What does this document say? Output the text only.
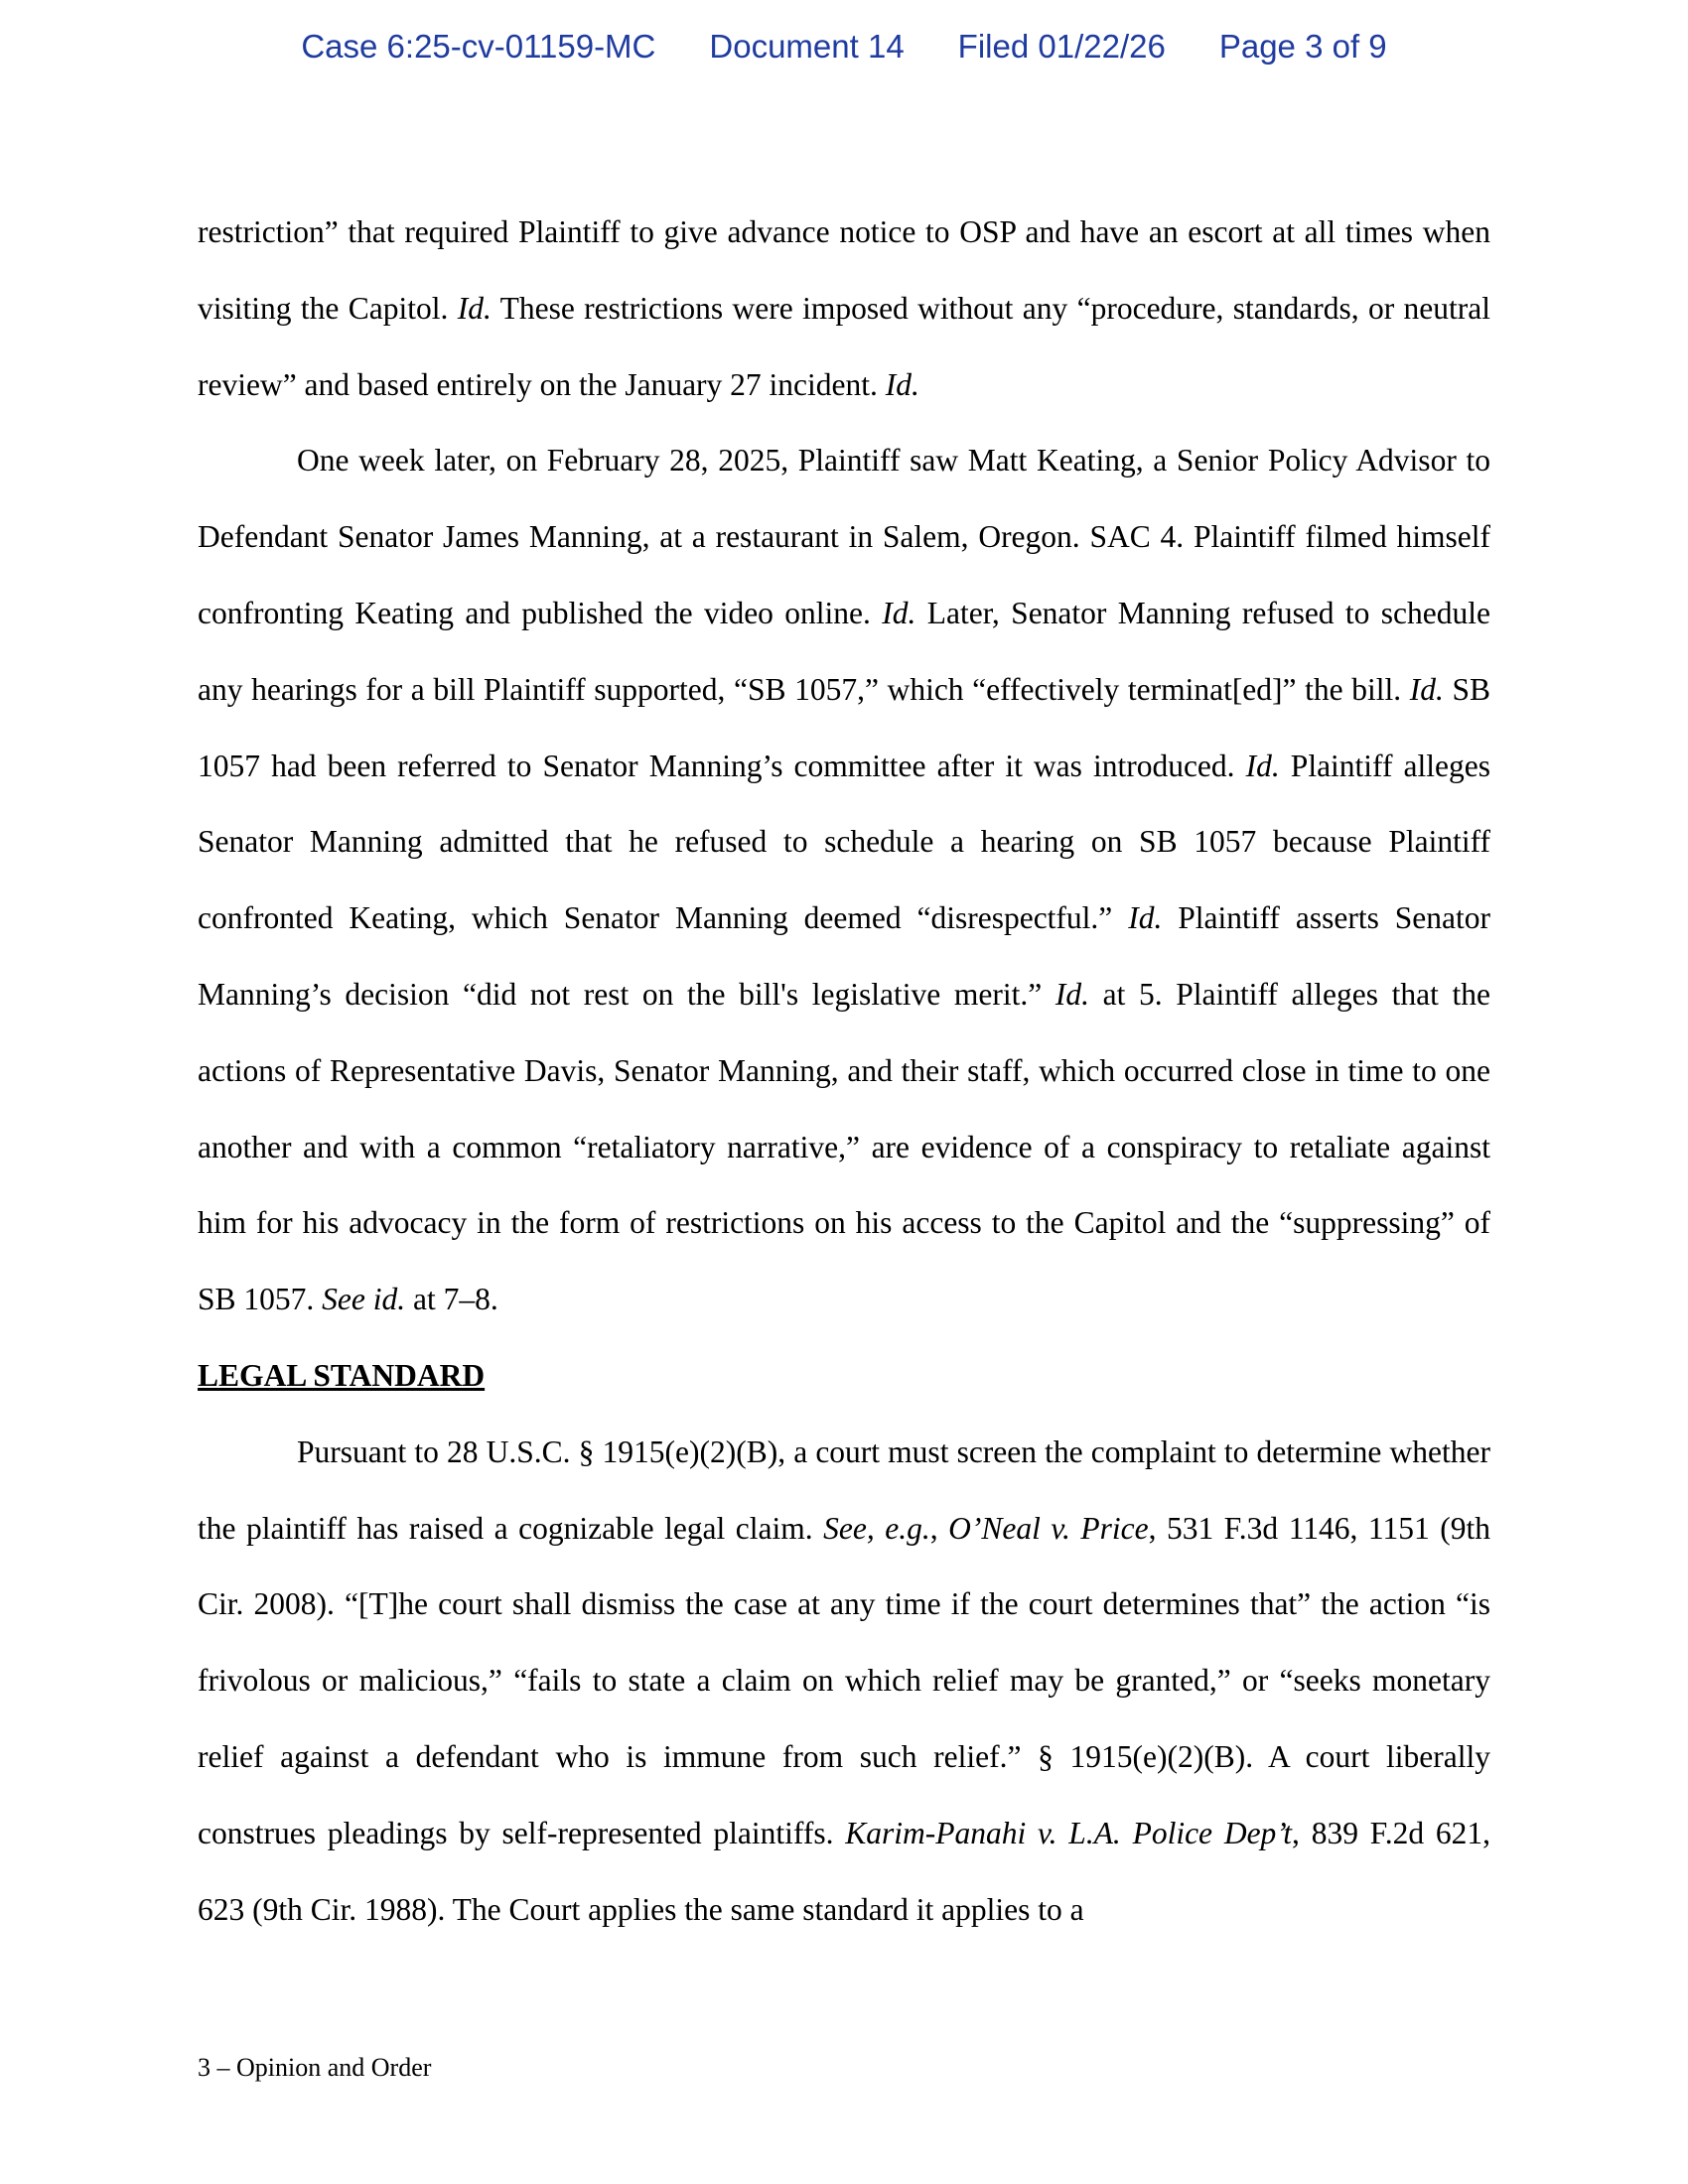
Case 6:25-cv-01159-MC Document 14 Filed 01/22/26 Page 3 of 9

restriction” that required Plaintiff to give advance notice to OSP and have an escort at all times when visiting the Capitol. Id. These restrictions were imposed without any “procedure, standards, or neutral review” and based entirely on the January 27 incident. Id.

One week later, on February 28, 2025, Plaintiff saw Matt Keating, a Senior Policy Advisor to Defendant Senator James Manning, at a restaurant in Salem, Oregon. SAC 4. Plaintiff filmed himself confronting Keating and published the video online. Id. Later, Senator Manning refused to schedule any hearings for a bill Plaintiff supported, “SB 1057,” which “effectively terminat[ed]” the bill. Id. SB 1057 had been referred to Senator Manning’s committee after it was introduced. Id. Plaintiff alleges Senator Manning admitted that he refused to schedule a hearing on SB 1057 because Plaintiff confronted Keating, which Senator Manning deemed “disrespectful.” Id. Plaintiff asserts Senator Manning’s decision “did not rest on the bill's legislative merit.” Id. at 5. Plaintiff alleges that the actions of Representative Davis, Senator Manning, and their staff, which occurred close in time to one another and with a common “retaliatory narrative,” are evidence of a conspiracy to retaliate against him for his advocacy in the form of restrictions on his access to the Capitol and the “suppressing” of SB 1057. See id. at 7–8.

LEGAL STANDARD

Pursuant to 28 U.S.C. § 1915(e)(2)(B), a court must screen the complaint to determine whether the plaintiff has raised a cognizable legal claim. See, e.g., O’Neal v. Price, 531 F.3d 1146, 1151 (9th Cir. 2008). “[T]he court shall dismiss the case at any time if the court determines that” the action “is frivolous or malicious,” “fails to state a claim on which relief may be granted,” or “seeks monetary relief against a defendant who is immune from such relief.” § 1915(e)(2)(B). A court liberally construes pleadings by self-represented plaintiffs. Karim-Panahi v. L.A. Police Dep’t, 839 F.2d 621, 623 (9th Cir. 1988). The Court applies the same standard it applies to a

3 – Opinion and Order
